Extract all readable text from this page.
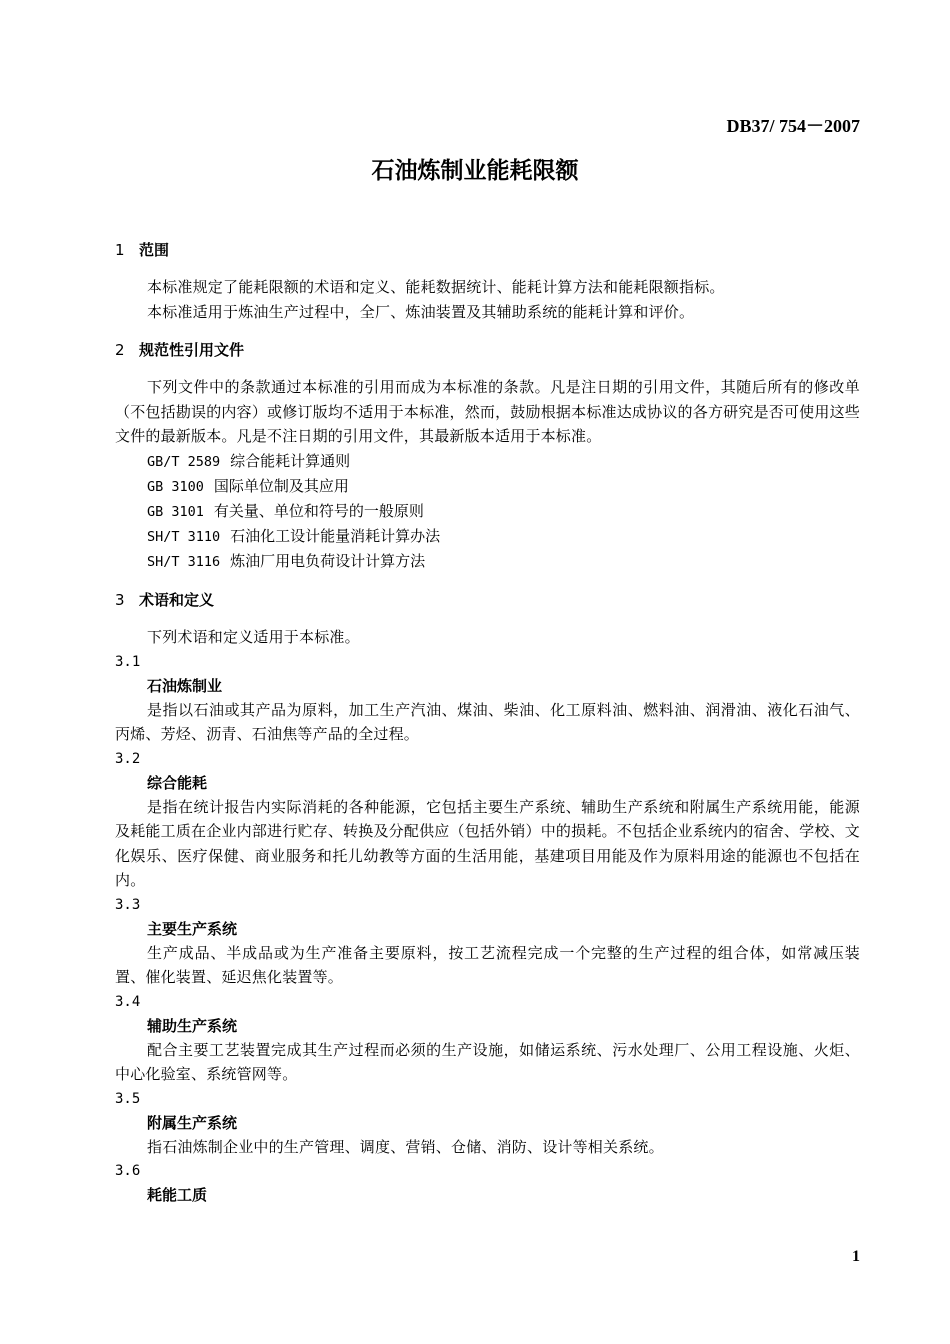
DB37/ 754－2007
石油炼制业能耗限额
1 范围
本标准规定了能耗限额的术语和定义、能耗数据统计、能耗计算方法和能耗限额指标。
本标准适用于炼油生产过程中，全厂、炼油装置及其辅助系统的能耗计算和评价。
2 规范性引用文件
下列文件中的条款通过本标准的引用而成为本标准的条款。凡是注日期的引用文件，其随后所有的修改单（不包括勘误的内容）或修订版均不适用于本标准，然而，鼓励根据本标准达成协议的各方研究是否可使用这些文件的最新版本。凡是不注日期的引用文件，其最新版本适用于本标准。
GB/T 2589 综合能耗计算通则
GB 3100 国际单位制及其应用
GB 3101 有关量、单位和符号的一般原则
SH/T 3110 石油化工设计能量消耗计算办法
SH/T 3116 炼油厂用电负荷设计计算方法
3 术语和定义
下列术语和定义适用于本标准。
3.1
石油炼制业
是指以石油或其产品为原料，加工生产汽油、煤油、柴油、化工原料油、燃料油、润滑油、液化石油气、丙烯、芳烃、沥青、石油焦等产品的全过程。
3.2
综合能耗
是指在统计报告内实际消耗的各种能源，它包括主要生产系统、辅助生产系统和附属生产系统用能，能源及耗能工质在企业内部进行贮存、转换及分配供应（包括外销）中的损耗。不包括企业系统内的宿舍、学校、文化娱乐、医疗保健、商业服务和托儿幼教等方面的生活用能，基建项目用能及作为原料用途的能源也不包括在内。
3.3
主要生产系统
生产成品、半成品或为生产准备主要原料，按工艺流程完成一个完整的生产过程的组合体，如常减压装置、催化装置、延迟焦化装置等。
3.4
辅助生产系统
配合主要工艺装置完成其生产过程而必须的生产设施，如储运系统、污水处理厂、公用工程设施、火炬、中心化验室、系统管网等。
3.5
附属生产系统
指石油炼制企业中的生产管理、调度、营销、仓储、消防、设计等相关系统。
3.6
耗能工质
1
